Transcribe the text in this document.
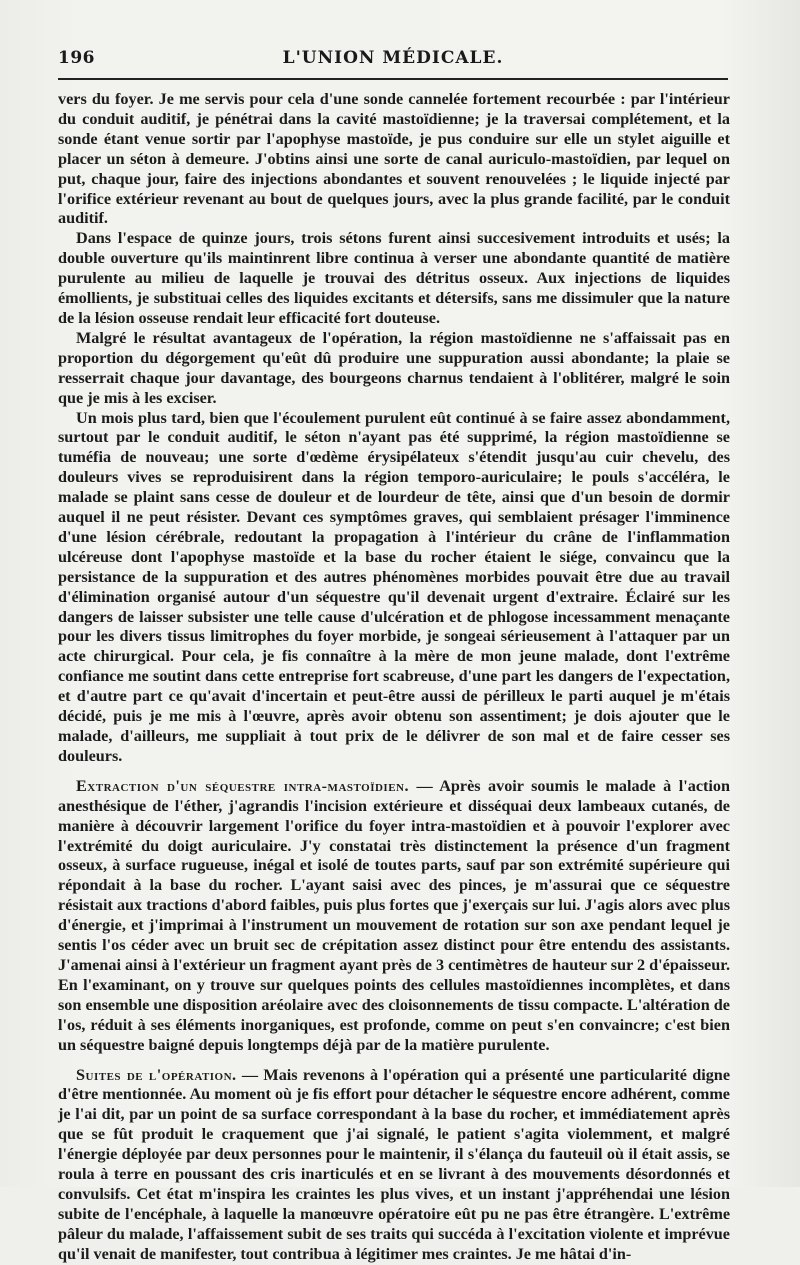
196	L'UNION MÉDICALE.

vers du foyer. Je me servis pour cela d'une sonde cannelée fortement recourbée : par l'intérieur du conduit auditif, je pénétrai dans la cavité mastoïdienne; je la traversai complétement, et la sonde étant venue sortir par l'apophyse mastoïde, je pus conduire sur elle un stylet aiguille et placer un séton à demeure. J'obtins ainsi une sorte de canal auriculo-mastoïdien, par lequel on put, chaque jour, faire des injections abondantes et souvent renouvelées ; le liquide injecté par l'orifice extérieur revenant au bout de quelques jours, avec la plus grande facilité, par le conduit auditif.

Dans l'espace de quinze jours, trois sétons furent ainsi succesivement introduits et usés; la double ouverture qu'ils maintinrent libre continua à verser une abondante quantité de matière purulente au milieu de laquelle je trouvai des détritus osseux. Aux injections de liquides émollients, je substituai celles des liquides excitants et détersifs, sans me dissimuler que la nature de la lésion osseuse rendait leur efficacité fort douteuse.

Malgré le résultat avantageux de l'opération, la région mastoïdienne ne s'affaissait pas en proportion du dégorgement qu'eût dû produire une suppuration aussi abondante; la plaie se resserrait chaque jour davantage, des bourgeons charnus tendaient à l'oblitérer, malgré le soin que je mis à les exciser.

Un mois plus tard, bien que l'écoulement purulent eût continué à se faire assez abondamment, surtout par le conduit auditif, le séton n'ayant pas été supprimé, la région mastoïdienne se tuméfia de nouveau; une sorte d'œdème érysipélateux s'étendit jusqu'au cuir chevelu, des douleurs vives se reproduisirent dans la région temporo-auriculaire; le pouls s'accéléra, le malade se plaint sans cesse de douleur et de lourdeur de tête, ainsi que d'un besoin de dormir auquel il ne peut résister. Devant ces symptômes graves, qui semblaient présager l'imminence d'une lésion cérébrale, redoutant la propagation à l'intérieur du crâne de l'inflammation ulcéreuse dont l'apophyse mastoïde et la base du rocher étaient le siége, convaincu que la persistance de la suppuration et des autres phénomènes morbides pouvait être due au travail d'élimination organisé autour d'un séquestre qu'il devenait urgent d'extraire. Éclairé sur les dangers de laisser subsister une telle cause d'ulcération et de phlogose incessamment menaçante pour les divers tissus limitrophes du foyer morbide, je songeai sérieusement à l'attaquer par un acte chirurgical. Pour cela, je fis connaître à la mère de mon jeune malade, dont l'extrême confiance me soutint dans cette entreprise fort scabreuse, d'une part les dangers de l'expectation, et d'autre part ce qu'avait d'incertain et peut-être aussi de périlleux le parti auquel je m'étais décidé, puis je me mis à l'œuvre, après avoir obtenu son assentiment; je dois ajouter que le malade, d'ailleurs, me suppliait à tout prix de le délivrer de son mal et de faire cesser ses douleurs.

Extraction d'un séquestre intra-mastoïdien. — Après avoir soumis le malade à l'action anesthésique de l'éther, j'agrandis l'incision extérieure et disséquai deux lambeaux cutanés, de manière à découvrir largement l'orifice du foyer intra-mastoïdien et à pouvoir l'explorer avec l'extrémité du doigt auriculaire. J'y constatai très distinctement la présence d'un fragment osseux, à surface rugueuse, inégal et isolé de toutes parts, sauf par son extrémité supérieure qui répondait à la base du rocher. L'ayant saisi avec des pinces, je m'assurai que ce séquestre résistait aux tractions d'abord faibles, puis plus fortes que j'exerçais sur lui. J'agis alors avec plus d'énergie, et j'imprimai à l'instrument un mouvement de rotation sur son axe pendant lequel je sentis l'os céder avec un bruit sec de crépitation assez distinct pour être entendu des assistants. J'amenai ainsi à l'extérieur un fragment ayant près de 3 centimètres de hauteur sur 2 d'épaisseur. En l'examinant, on y trouve sur quelques points des cellules mastoïdiennes incomplètes, et dans son ensemble une disposition aréolaire avec des cloisonnements de tissu compacte. L'altération de l'os, réduit à ses éléments inorganiques, est profonde, comme on peut s'en convaincre; c'est bien un séquestre baigné depuis longtemps déjà par de la matière purulente.

Suites de l'opération. — Mais revenons à l'opération qui a présenté une particularité digne d'être mentionnée. Au moment où je fis effort pour détacher le séquestre encore adhérent, comme je l'ai dit, par un point de sa surface correspondant à la base du rocher, et immédiatement après que se fût produit le craquement que j'ai signalé, le patient s'agita violemment, et malgré l'énergie déployée par deux personnes pour le maintenir, il s'élança du fauteuil où il était assis, se roula à terre en poussant des cris inarticulés et en se livrant à des mouvements désordonnés et convulsifs. Cet état m'inspira les craintes les plus vives, et un instant j'appréhendai une lésion subite de l'encéphale, à laquelle la manœuvre opératoire eût pu ne pas être étrangère. L'extrême pâleur du malade, l'affaissement subit de ses traits qui succéda à l'excitation violente et imprévue qu'il venait de manifester, tout contribua à légitimer mes craintes. Je me hâtai d'in-
